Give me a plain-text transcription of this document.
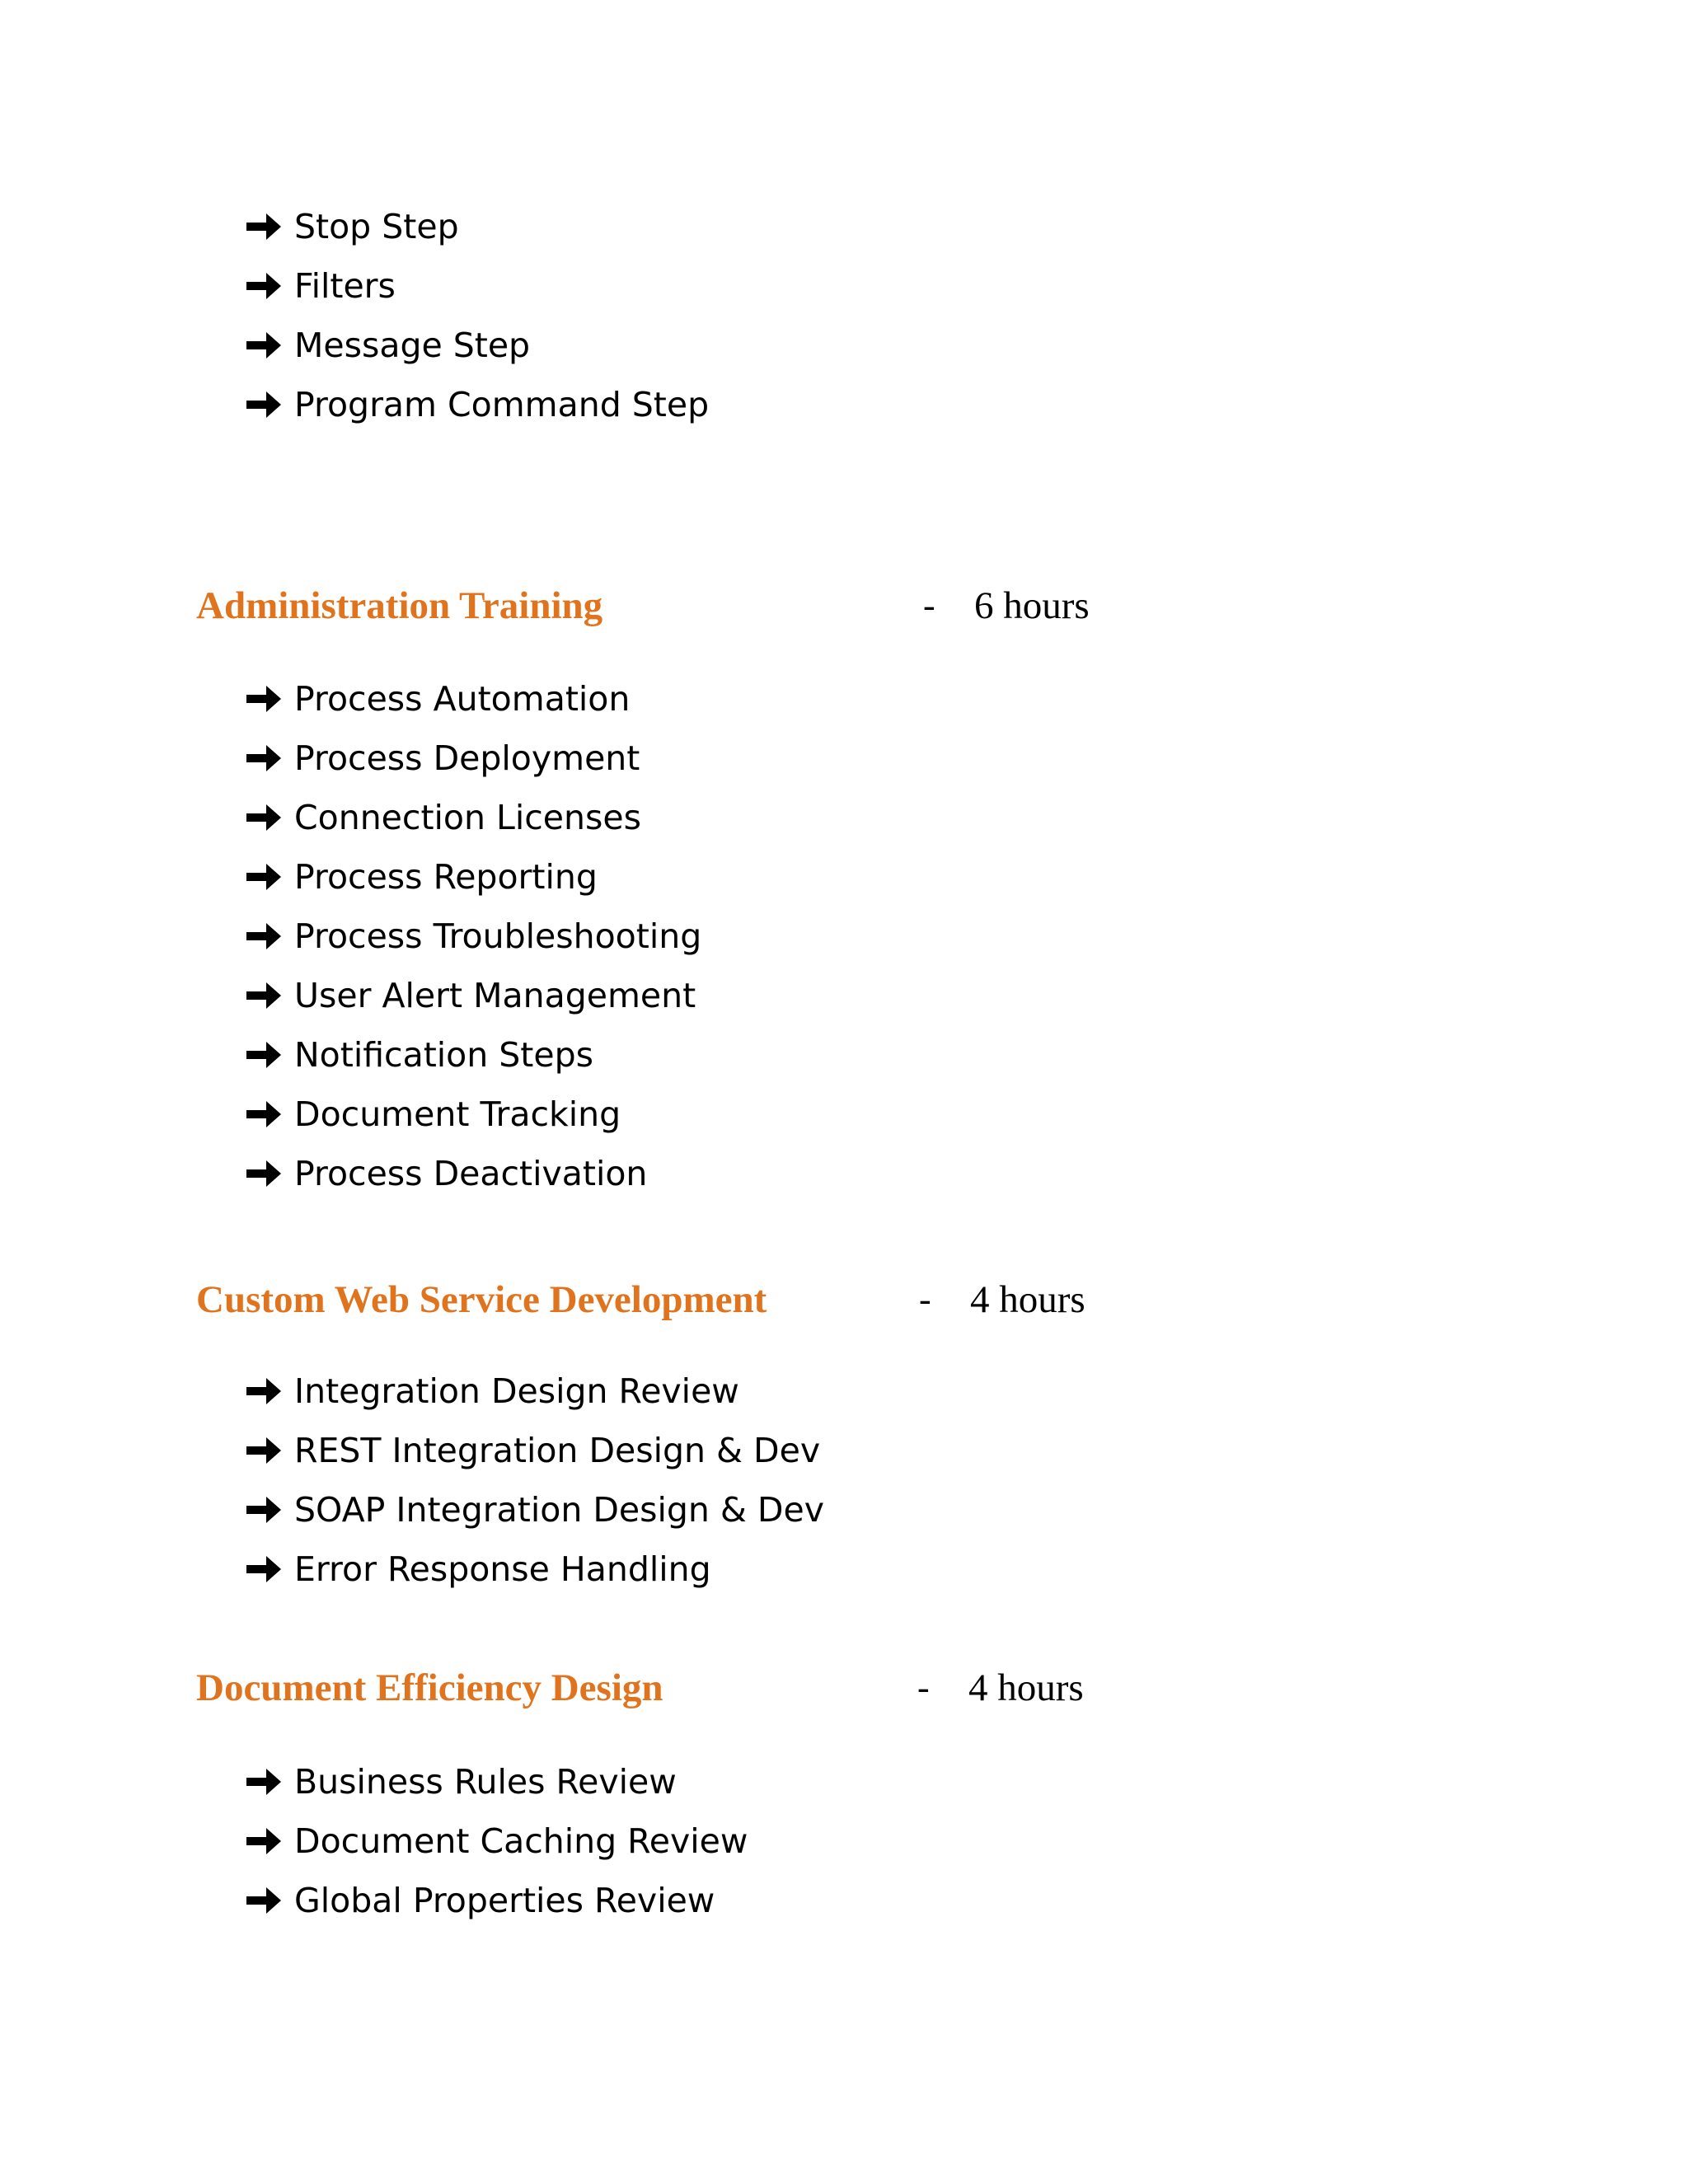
Stop Step
Filters
Message Step
Program Command Step
Administration Training	- 6 hours
Process Automation
Process Deployment
Connection Licenses
Process Reporting
Process Troubleshooting
User Alert Management
Notification Steps
Document Tracking
Process Deactivation
Custom Web Service Development	- 4 hours
Integration Design Review
REST Integration Design & Dev
SOAP Integration Design & Dev
Error Response Handling
Document Efficiency Design	- 4 hours
Business Rules Review
Document Caching Review
Global Properties Review
